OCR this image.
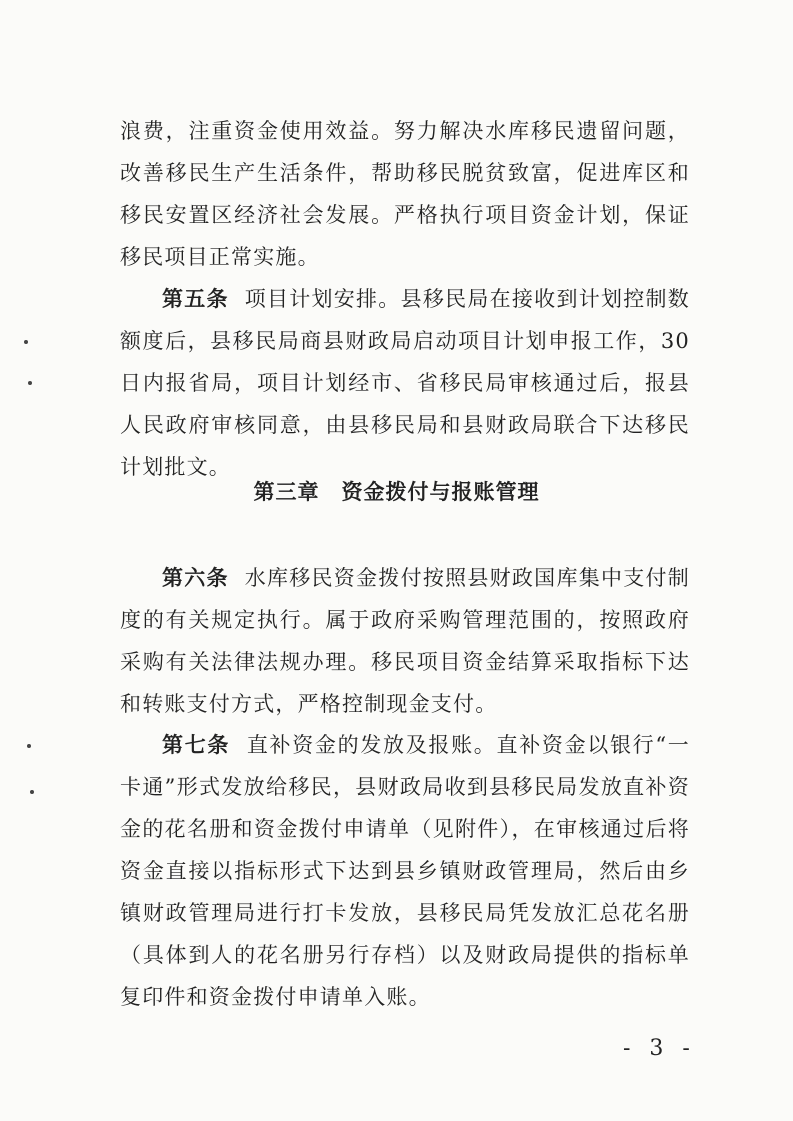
浪费，注重资金使用效益。努力解决水库移民遗留问题，改善移民生产生活条件，帮助移民脱贫致富，促进库区和移民安置区经济社会发展。严格执行项目资金计划，保证移民项目正常实施。

第五条 项目计划安排。县移民局在接收到计划控制数额度后，县移民局商县财政局启动项目计划申报工作，30日内报省局，项目计划经市、省移民局审核通过后，报县人民政府审核同意，由县移民局和县财政局联合下达移民计划批文。

第三章 资金拨付与报账管理

第六条 水库移民资金拨付按照县财政国库集中支付制度的有关规定执行。属于政府采购管理范围的，按照政府采购有关法律法规办理。移民项目资金结算采取指标下达和转账支付方式，严格控制现金支付。

第七条 直补资金的发放及报账。直补资金以银行“一卡通”形式发放给移民，县财政局收到县移民局发放直补资金的花名册和资金拨付申请单（见附件），在审核通过后将资金直接以指标形式下达到县乡镇财政管理局，然后由乡镇财政管理局进行打卡发放，县移民局凭发放汇总花名册（具体到人的花名册另行存档）以及财政局提供的指标单复印件和资金拨付申请单入账。

- 3 -
